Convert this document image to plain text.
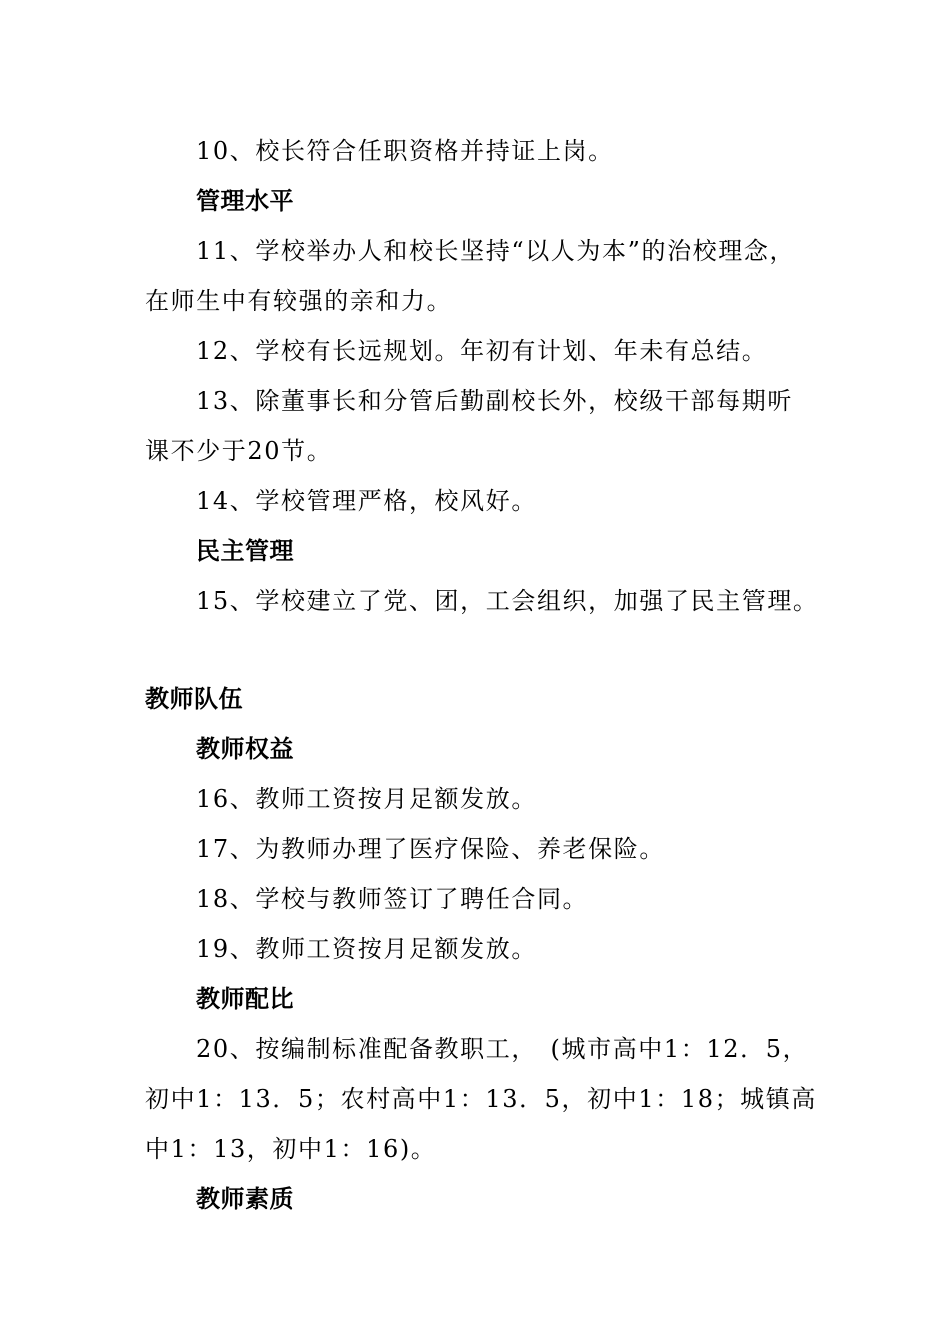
10、校长符合任职资格并持证上岗。
管理水平
11、学校举办人和校长坚持“以人为本”的治校理念，
在师生中有较强的亲和力。
12、学校有长远规划。年初有计划、年未有总结。
13、除董事长和分管后勤副校长外，校级干部每期听
课不少于20节。
14、学校管理严格，校风好。
民主管理
15、学校建立了党、团，工会组织，加强了民主管理。
教师队伍
教师权益
16、教师工资按月足额发放。
17、为教师办理了医疗保险、养老保险。
18、学校与教师签订了聘任合同。
19、教师工资按月足额发放。
教师配比
20、按编制标准配备教职工，　(城市高中1：12．5，
初中1：13．5；农村高中1：13．5，初中1：18；城镇高
中1：13，初中1：16)。
教师素质
